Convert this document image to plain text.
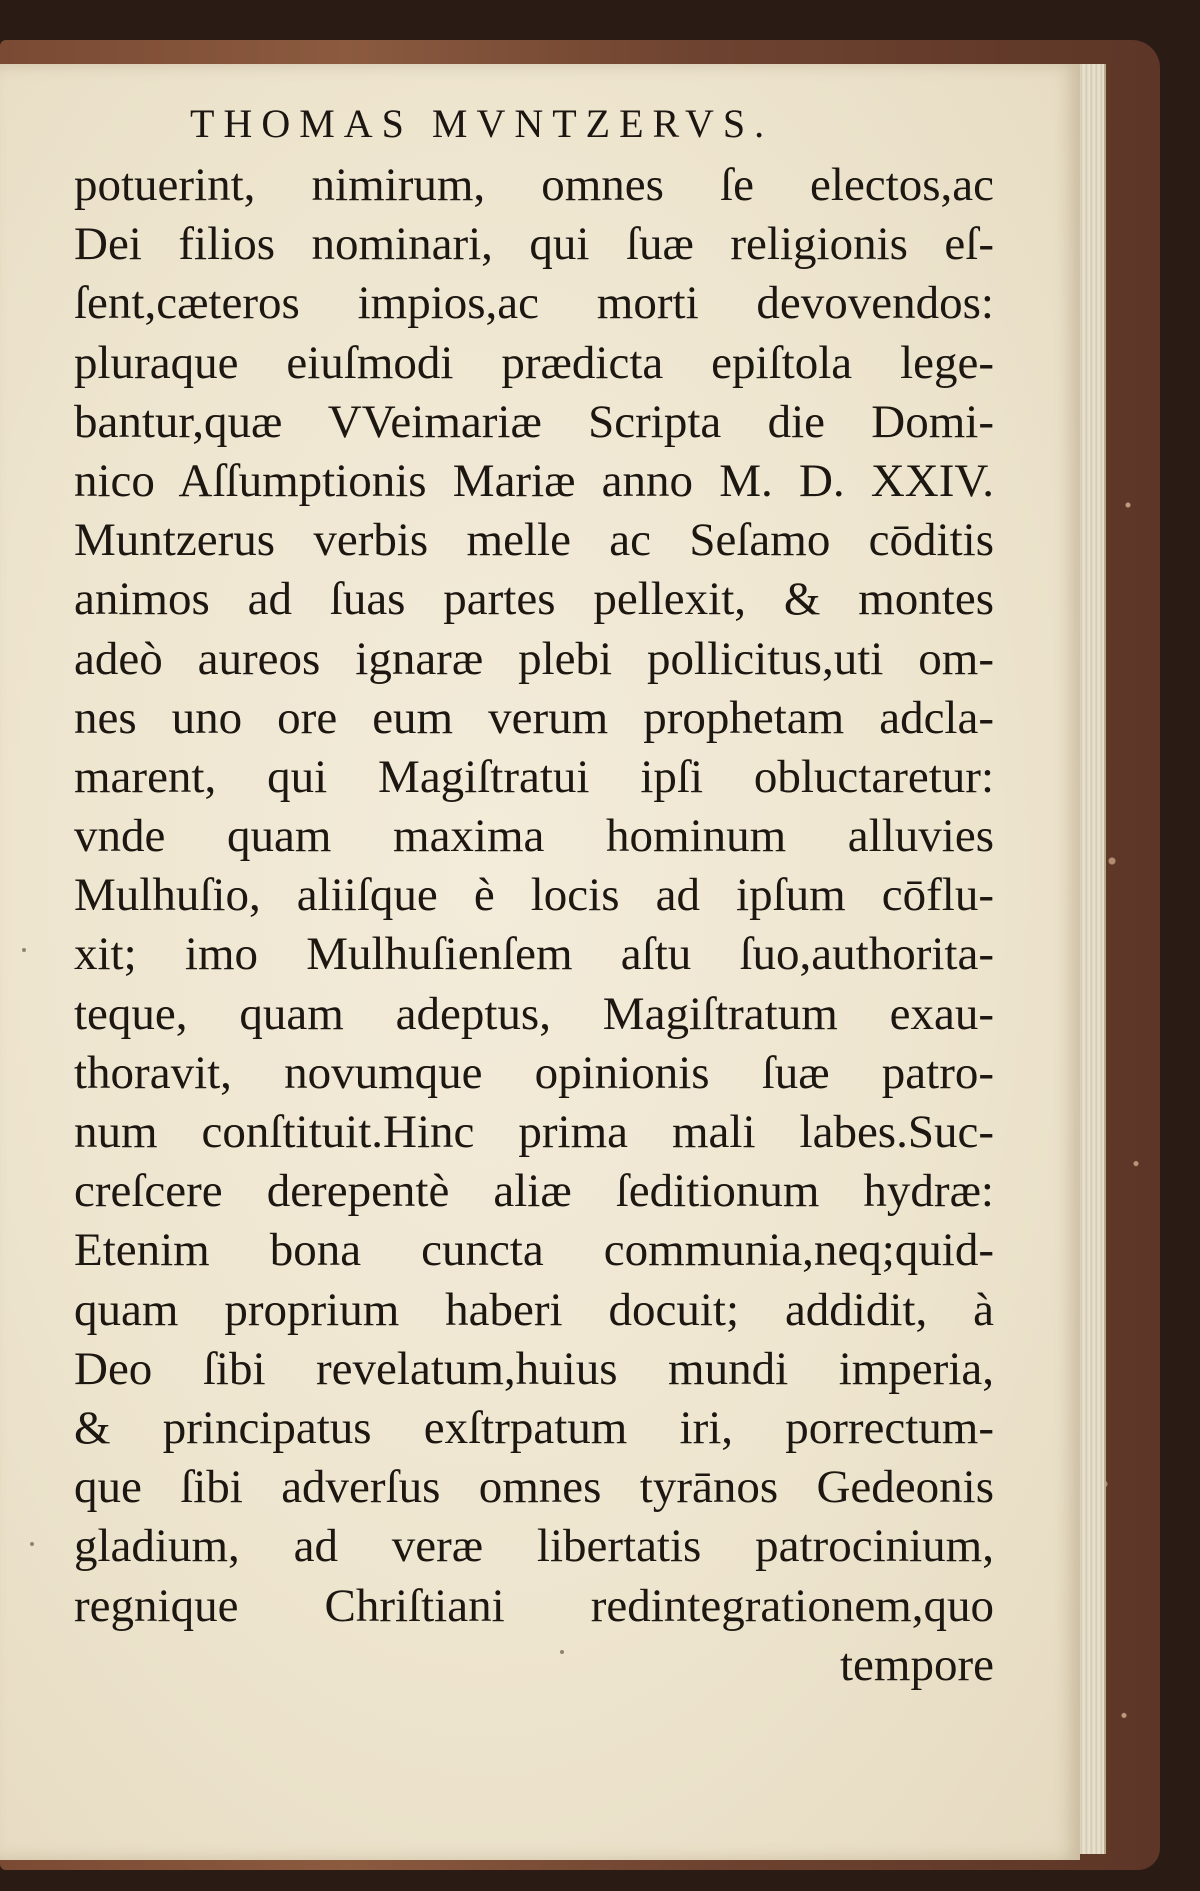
THOMAS MVNTZERVS.
potuerint, nimirum, omnes ſe electos,ac
Dei filios nominari, qui ſuæ religionis eſ-
ſent,cæteros impios,ac morti devovendos:
pluraque eiuſmodi prædicta epiſtola lege-
bantur,quæ VVeimariæ Scripta die Domi-
nico Aſſumptionis Mariæ anno M. D. XXIV.
Muntzerus verbis melle ac Seſamo cōditis
animos ad ſuas partes pellexit, & montes
adeò aureos ignaræ plebi pollicitus,uti om-
nes uno ore eum verum prophetam adcla-
marent, qui Magiſtratui ipſi obluctaretur:
vnde quam maxima hominum alluvies
Mulhuſio, aliiſque è locis ad ipſum cōflu-
xit; imo Mulhuſienſem aſtu ſuo,authorita-
teque, quam adeptus, Magiſtratum exau-
thoravit, novumque opinionis ſuæ patro-
num conſtituit.Hinc prima mali labes.Suc-
creſcere derepentè aliæ ſeditionum hydræ:
Etenim bona cuncta communia,neq;quid-
quam proprium haberi docuit; addidit, à
Deo ſibi revelatum,huius mundi imperia,
& principatus exſtrpatum iri, porrectum-
que ſibi adverſus omnes tyrānos Gedeonis
gladium, ad veræ libertatis patrocinium,
regnique Chriſtiani redintegrationem,quo
tempore
